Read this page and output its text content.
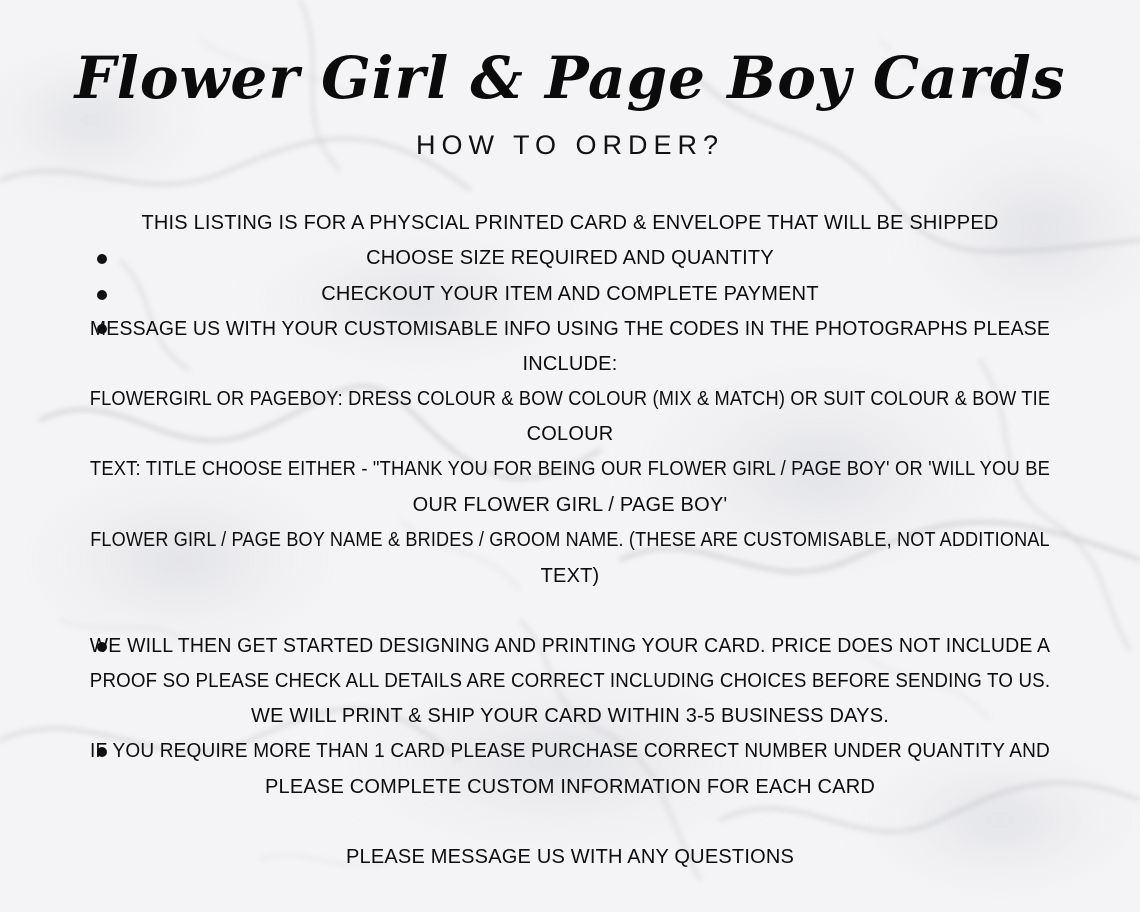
Flower Girl & Page Boy Cards
HOW TO ORDER?
THIS LISTING IS FOR A PHYSCIAL PRINTED CARD & ENVELOPE THAT WILL BE SHIPPED
CHOOSE SIZE REQUIRED AND QUANTITY
CHECKOUT YOUR ITEM AND COMPLETE PAYMENT
MESSAGE US WITH YOUR CUSTOMISABLE INFO USING THE CODES IN THE PHOTOGRAPHS PLEASE
INCLUDE:
FLOWERGIRL OR PAGEBOY: DRESS COLOUR & BOW COLOUR (MIX & MATCH) OR SUIT COLOUR & BOW TIE
COLOUR
TEXT: TITLE CHOOSE EITHER - "THANK YOU FOR BEING OUR FLOWER GIRL / PAGE BOY' OR 'WILL YOU BE
OUR FLOWER GIRL / PAGE BOY'
FLOWER GIRL / PAGE BOY NAME & BRIDES / GROOM NAME. (THESE ARE CUSTOMISABLE, NOT ADDITIONAL
TEXT)
WE WILL THEN GET STARTED DESIGNING AND PRINTING YOUR CARD. PRICE DOES NOT INCLUDE A
PROOF SO PLEASE CHECK ALL DETAILS ARE CORRECT INCLUDING CHOICES BEFORE SENDING TO US.
WE WILL PRINT & SHIP YOUR CARD WITHIN 3-5 BUSINESS DAYS.
IF YOU REQUIRE MORE THAN 1 CARD PLEASE PURCHASE CORRECT NUMBER UNDER QUANTITY AND
PLEASE COMPLETE CUSTOM INFORMATION FOR EACH CARD
PLEASE MESSAGE US WITH ANY QUESTIONS
